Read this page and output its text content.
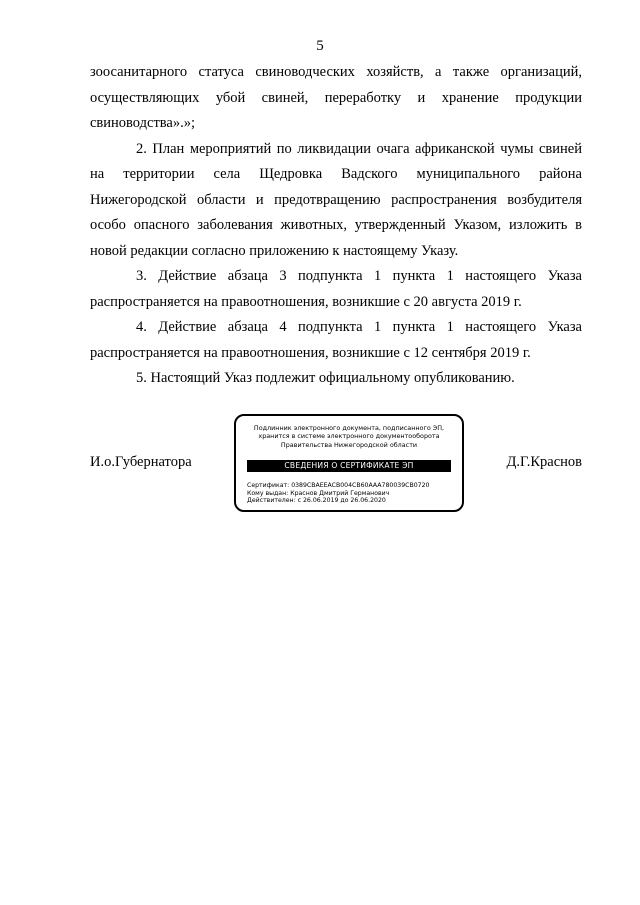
5

зоосанитарного статуса свиноводческих хозяйств, а также организаций, осуществляющих убой свиней, переработку и хранение продукции свиноводства».»;

2. План мероприятий по ликвидации очага африканской чумы свиней на территории села Щедровка Вадского муниципального района Нижегородской области и предотвращению распространения возбудителя особо опасного заболевания животных, утвержденный Указом, изложить в новой редакции согласно приложению к настоящему Указу.

3. Действие абзаца 3 подпункта 1 пункта 1 настоящего Указа распространяется на правоотношения, возникшие с 20 августа 2019 г.

4. Действие абзаца 4 подпункта 1 пункта 1 настоящего Указа распространяется на правоотношения, возникшие с 12 сентября 2019 г.

5. Настоящий Указ подлежит официальному опубликованию.

И.о.Губернатора
Подлинник электронного документа, подписанного ЭП,
хранится в системе электронного документооборота
Правительства Нижегородской области
СВЕДЕНИЯ О СЕРТИФИКАТЕ ЭП
Сертификат: 0389CBAEEACB004CB60AAA780039CB0720
Кому выдан: Краснов Дмитрий Германович
Действителен: с 26.06.2019 до 26.06.2020
Д.Г.Краснов
